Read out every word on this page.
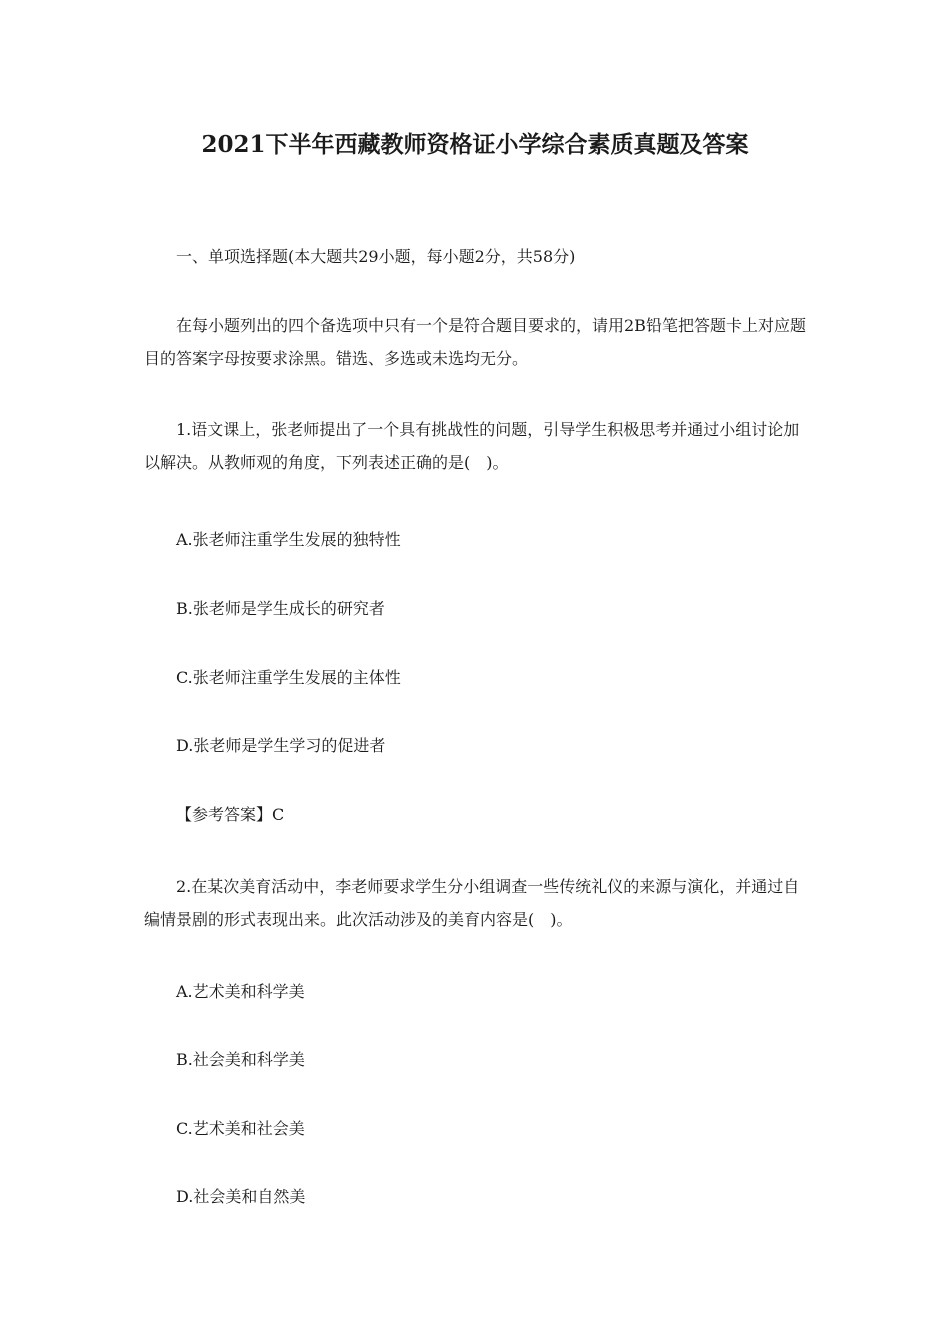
2021下半年西藏教师资格证小学综合素质真题及答案
一、单项选择题(本大题共29小题，每小题2分，共58分)
在每小题列出的四个备选项中只有一个是符合题目要求的，请用2B铅笔把答题卡上对应题目的答案字母按要求涂黑。错选、多选或未选均无分。
1.语文课上，张老师提出了一个具有挑战性的问题，引导学生积极思考并通过小组讨论加以解决。从教师观的角度，下列表述正确的是(　)。
A.张老师注重学生发展的独特性
B.张老师是学生成长的研究者
C.张老师注重学生发展的主体性
D.张老师是学生学习的促进者
【参考答案】C
2.在某次美育活动中，李老师要求学生分小组调查一些传统礼仪的来源与演化，并通过自编情景剧的形式表现出来。此次活动涉及的美育内容是(　)。
A.艺术美和科学美
B.社会美和科学美
C.艺术美和社会美
D.社会美和自然美
